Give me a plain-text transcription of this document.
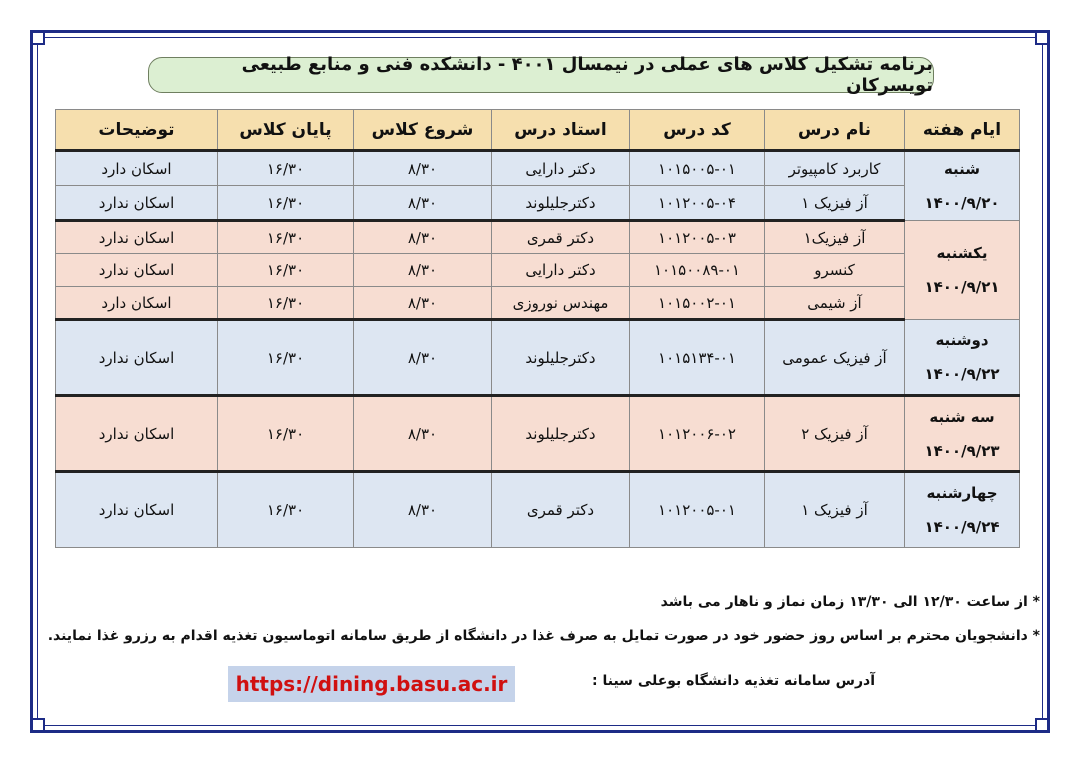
برنامه تشکیل کلاس های عملی در نیمسال ۴۰۰۱ - دانشکده فنی و منابع طبیعی تویسرکان
ایام هفته	نام درس	کد درس	استاد درس	شروع کلاس	پایان کلاس	توضیحات

شنبه
۱۴۰۰/۹/۲۰	کاربرد کامپیوتر	۱۰۱۵۰۰۵-۰۱	دکتر دارایی	۸/۳۰	۱۶/۳۰	اسکان دارد
	آز فیزیک ۱	۱۰۱۲۰۰۵-۰۴	دکترجلیلوند	۸/۳۰	۱۶/۳۰	اسکان ندارد

یکشنبه
۱۴۰۰/۹/۲۱	آز فیزیک۱	۱۰۱۲۰۰۵-۰۳	دکتر قمری	۸/۳۰	۱۶/۳۰	اسکان ندارد
	کنسرو	۱۰۱۵۰۰۸۹-۰۱	دکتر دارایی	۸/۳۰	۱۶/۳۰	اسکان ندارد
	آز شیمی	۱۰۱۵۰۰۲-۰۱	مهندس نوروزی	۸/۳۰	۱۶/۳۰	اسکان دارد

دوشنبه
۱۴۰۰/۹/۲۲	آز فیزیک عمومی	۱۰۱۵۱۳۴-۰۱	دکترجلیلوند	۸/۳۰	۱۶/۳۰	اسکان ندارد

سه شنبه
۱۴۰۰/۹/۲۳	آز فیزیک ۲	۱۰۱۲۰۰۶-۰۲	دکترجلیلوند	۸/۳۰	۱۶/۳۰	اسکان ندارد

چهارشنبه
۱۴۰۰/۹/۲۴	آز فیزیک ۱	۱۰۱۲۰۰۵-۰۱	دکتر قمری	۸/۳۰	۱۶/۳۰	اسکان ندارد
* از ساعت ۱۲/۳۰ الی ۱۳/۳۰ زمان نماز و ناهار می باشد
* دانشجویان محترم بر اساس روز حضور خود در صورت تمایل به صرف غذا در دانشگاه از طریق سامانه اتوماسیون تغذیه اقدام به رزرو غذا نمایند.
آدرس سامانه تغذیه دانشگاه بوعلی سینا :
https://dining.basu.ac.ir
